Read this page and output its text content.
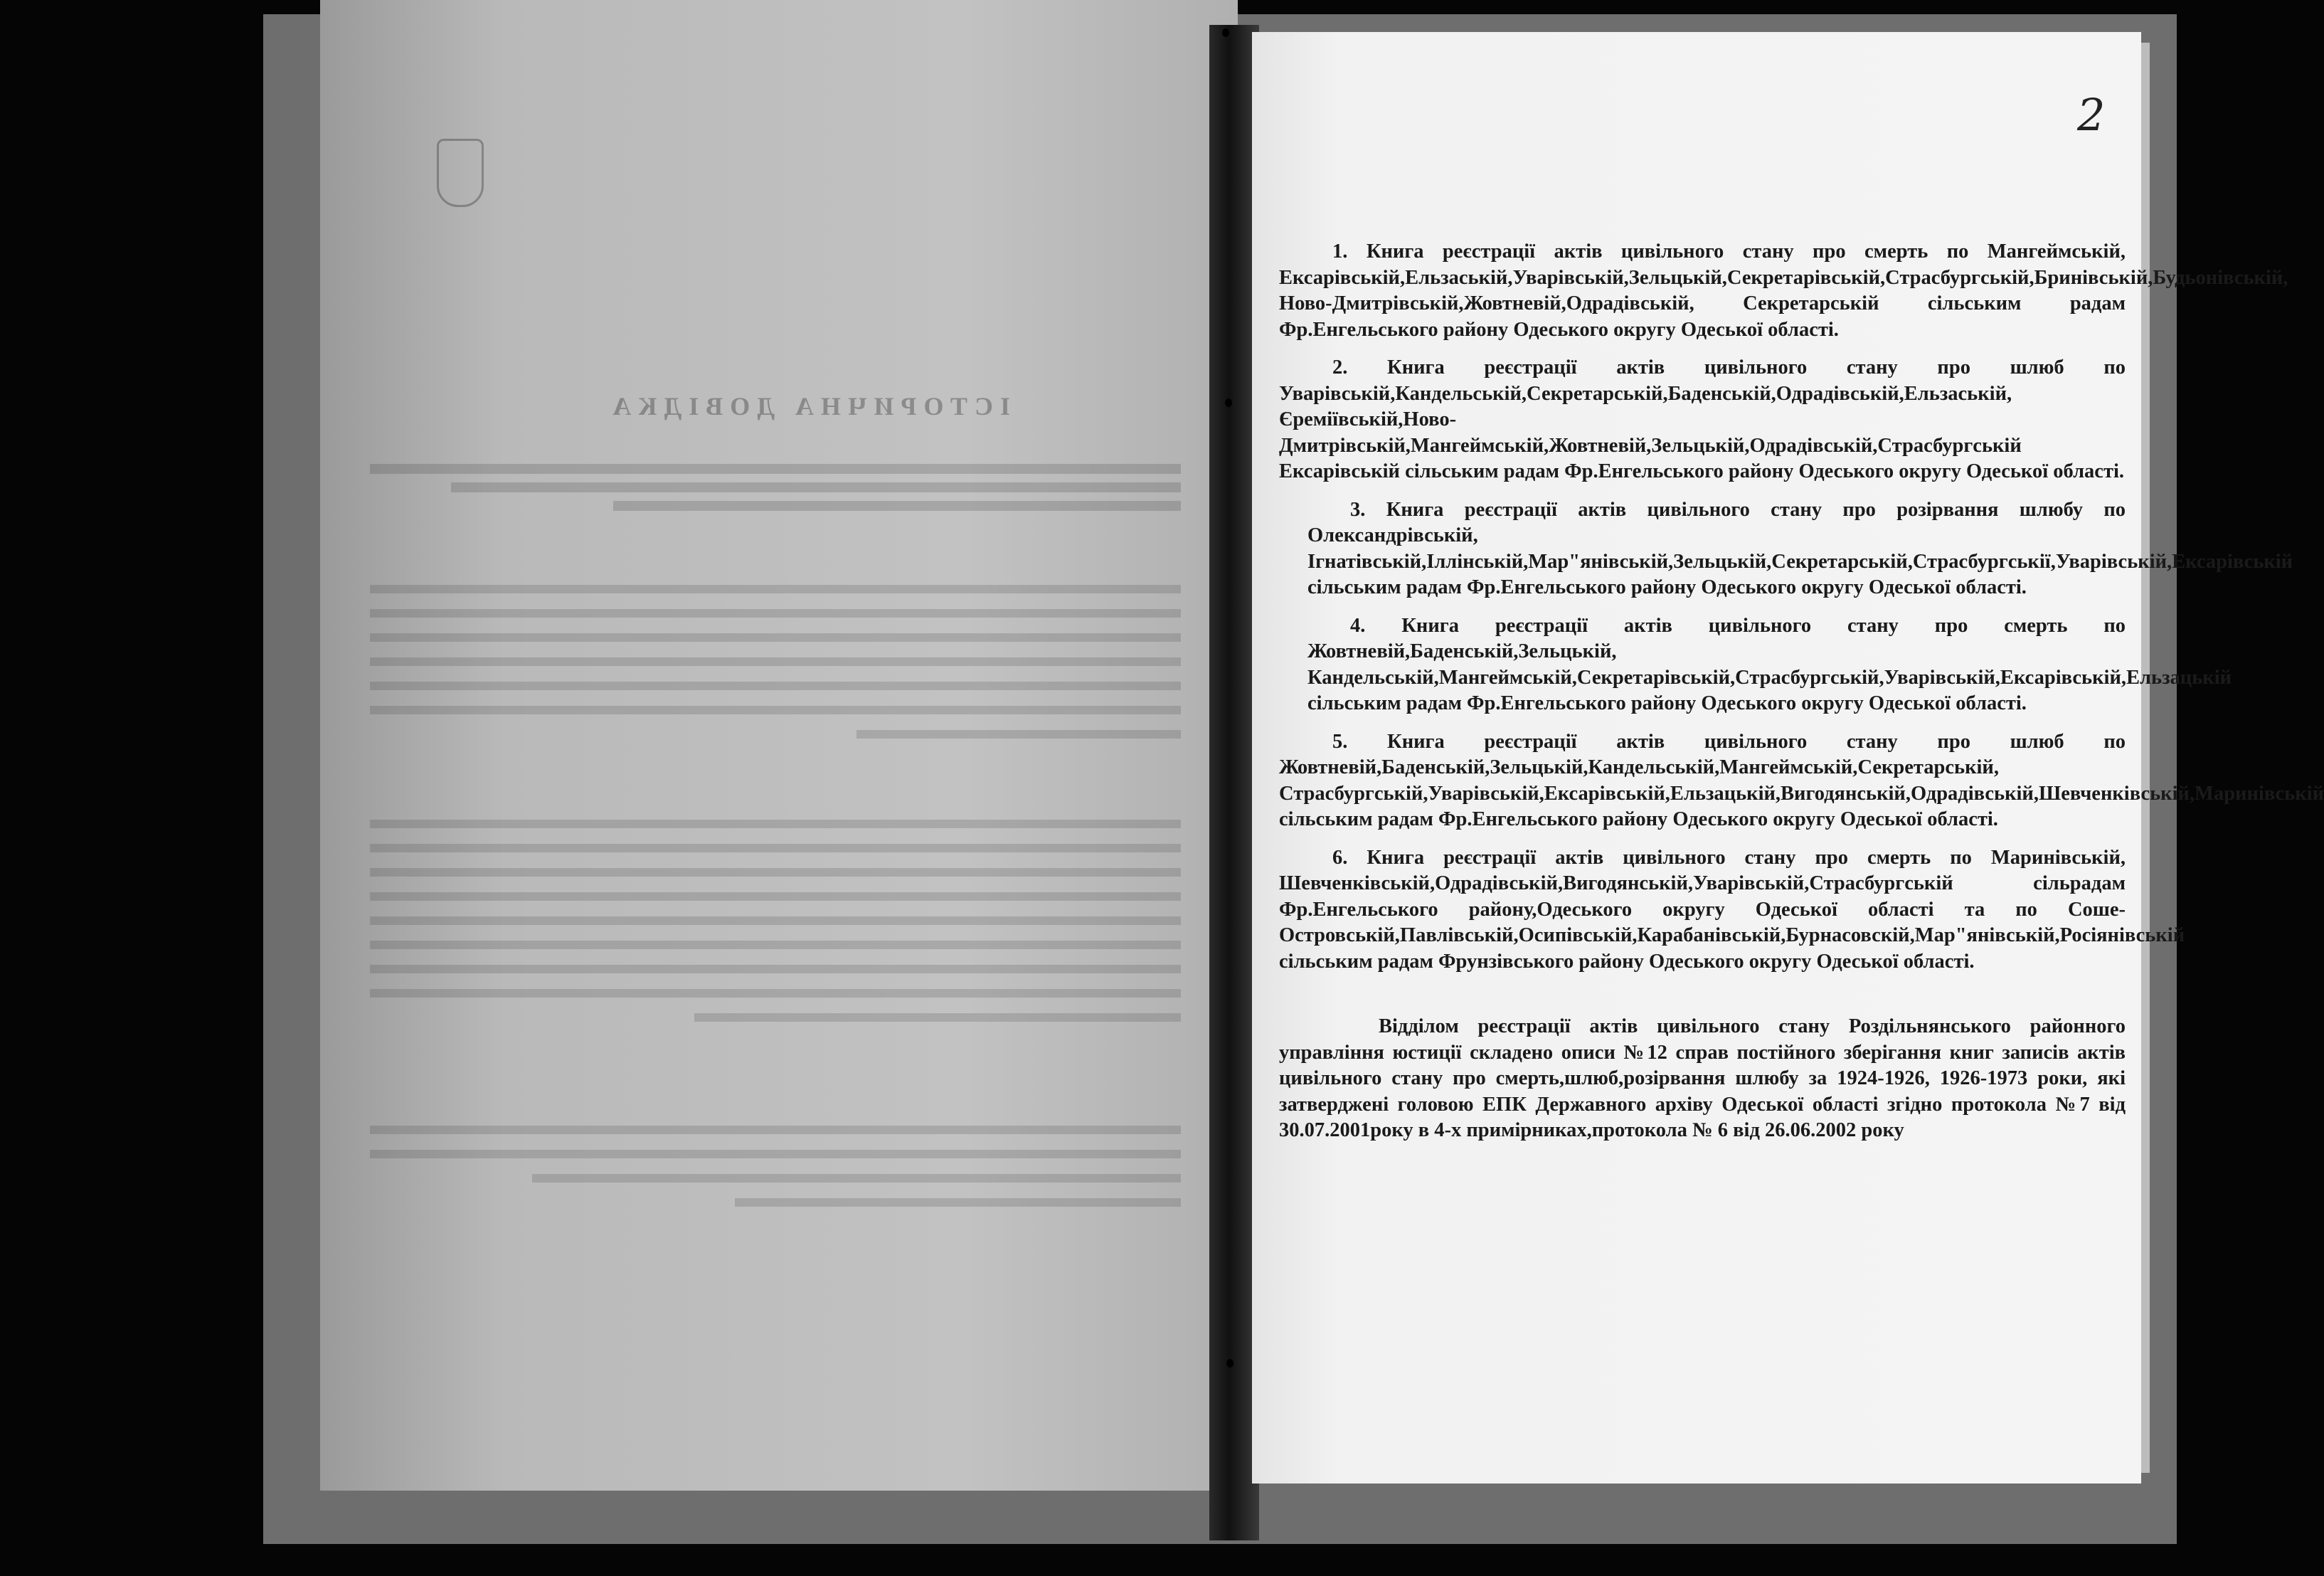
ІСТОРИЧНА ДОВІДКА
2

1. Книга реєстрації актів цивільного стану про смерть по Мангеймській, Ексарівській,Ельзаській,Уварівській,Зельцькій,Секретарівській,Страсбургській,Бринівській,Будьонівській, Ново-Дмитрівській,Жовтневій,Одрадівській, Секретарській сільським радам Фр.Енгельського району Одеського округу Одеської області.

2. Книга реєстрації актів цивільного стану про шлюб по Уварівській,Кандельській,Секретарській,Баденській,Одрадівській,Ельзаській, Єреміївській,Ново-Дмитрівській,Мангеймській,Жовтневій,Зельцькій,Одрадівській,Страсбургській Ексарівській сільським радам Фр.Енгельського району Одеського округу Одеської області.

3. Книга реєстрації актів цивільного стану про розірвання шлюбу по Олександрівській, Ігнатівській,Іллінській,Мар"янівській,Зельцькій,Секретарській,Страсбургськії,Уварівській,Ексарівській сільським радам Фр.Енгельського району Одеського округу Одеської області.

4. Книга реєстрації актів цивільного стану про смерть по Жовтневій,Баденській,Зельцькій, Кандельській,Мангеймській,Секретарівській,Страсбургській,Уварівській,Ексарівській,Ельзацькій сільським радам Фр.Енгельського району Одеського округу Одеської області.

5. Книга реєстрації актів цивільного стану про шлюб по Жовтневій,Баденській,Зельцькій,Кандельській,Мангеймській,Секретарській, Страсбургській,Уварівській,Ексарівській,Ельзацькій,Вигодянській,Одрадівській,Шевченківській,Маринівській сільським радам Фр.Енгельського району Одеського округу Одеської області.

6. Книга реєстрації актів цивільного стану про смерть по Маринівській, Шевченківській,Одрадівській,Вигодянській,Уварівській,Страсбургській сільрадам Фр.Енгельського району,Одеського округу Одеської області та по Соше-Островській,Павлівській,Осипівській,Карабанівській,Бурнасовскій,Мар"янівській,Росіянівській сільським радам Фрунзівського району Одеського округу Одеської області.

Відділом реєстрації актів цивільного стану Роздільнянського районного управління юстиції складено описи №12 справ постійного зберігання книг записів актів цивільного стану про смерть,шлюб,розірвання шлюбу за 1924-1926, 1926-1973 роки, які затверджені головою ЕПК Державного архіву Одеської області згідно протокола №7 від 30.07.2001року в 4-х примірниках,протокола № 6 від 26.06.2002 року
